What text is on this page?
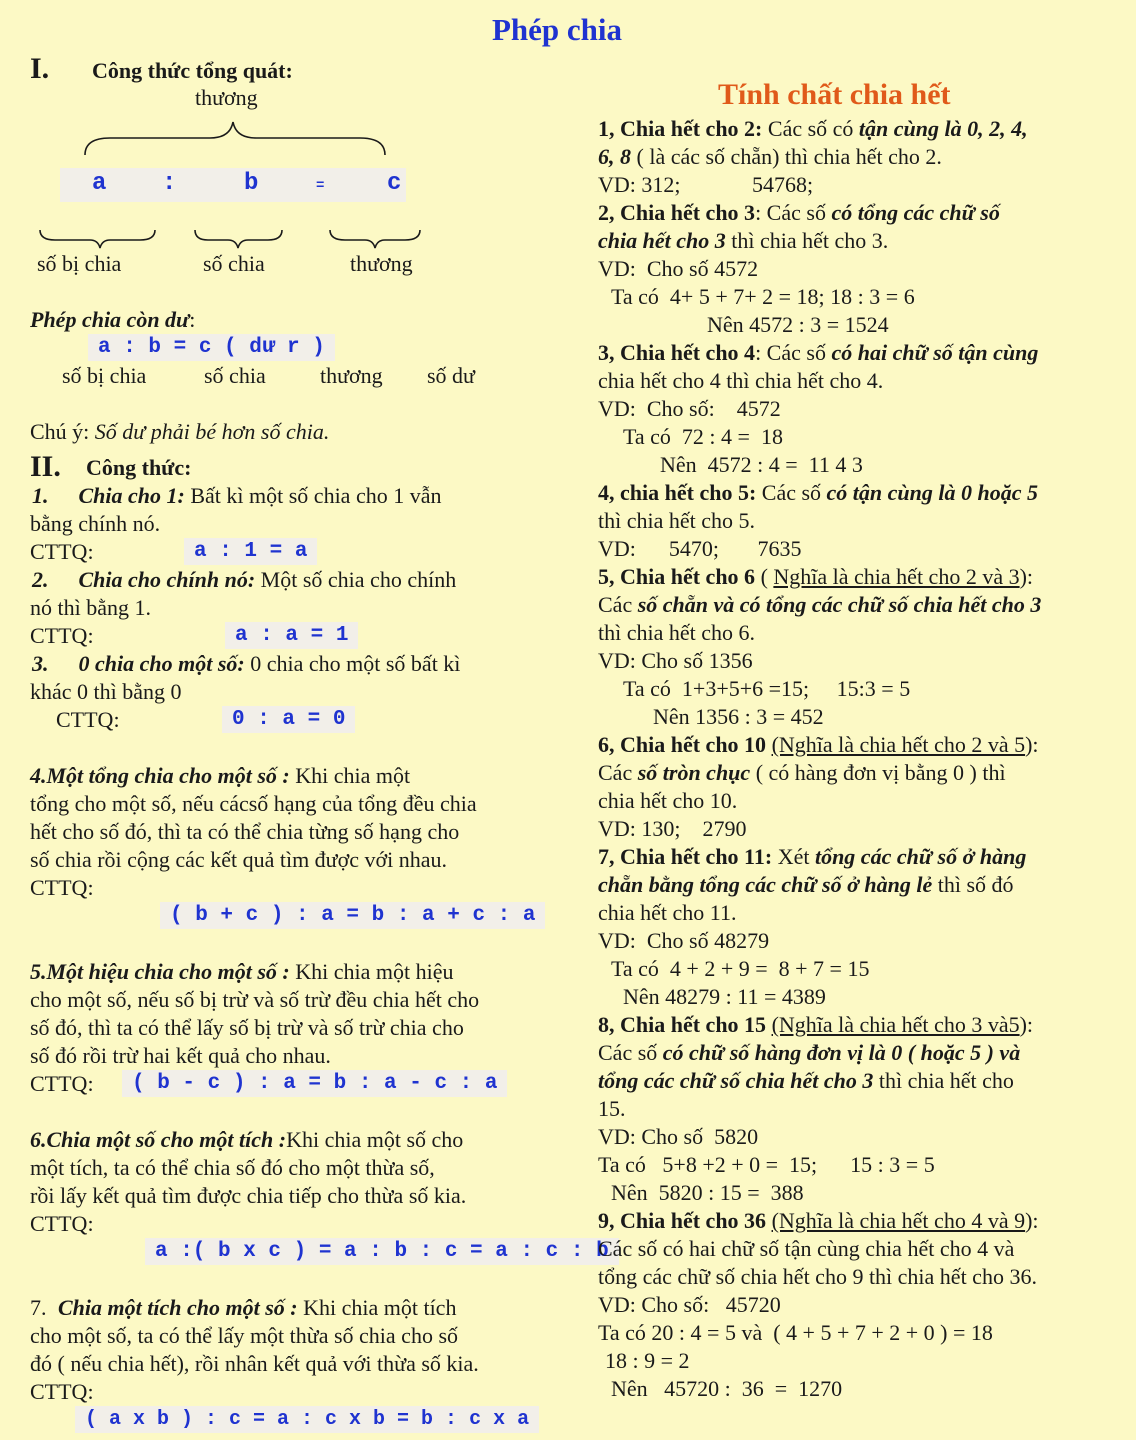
Phép chia
I. Công thức tổng quát:
thương
a :	b	=	c
số bị chia	số chia	thương
Phép chia còn dư:
a : b = c ( dư r )
số bị chia	số chia thương số dư
Chú ý: Số dư phải bé hơn số chia.
II. Công thức:
1. Chia cho 1: Bất kì một số chia cho 1 vẫn
bằng chính nó.
CTTQ:	a : 1 = a
2. Chia cho chính nó: Một số chia cho chính
nó thì bằng 1.
CTTQ:	a : a = 1
3. 0 chia cho một số: 0 chia cho một số bất kì
khác 0 thì bằng 0
CTTQ:	0 : a = 0
4.Một tổng chia cho một số : Khi chia một
tổng cho một số, nếu cácsố hạng của tổng đều chia
hết cho số đó, thì ta có thể chia từng số hạng cho
số chia rồi cộng các kết quả tìm được với nhau.
CTTQ:
( b + c ) : a = b : a + c : a
5.Một hiệu chia cho một số : Khi chia một hiệu
cho một số, nếu số bị trừ và số trừ đều chia hết cho
số đó, thì ta có thể lấy số bị trừ và số trừ chia cho
số đó rồi trừ hai kết quả cho nhau.
CTTQ:	( b - c ) : a = b : a - c : a
6.Chia một số cho một tích :Khi chia một số cho
một tích, ta có thể chia số đó cho một thừa số,
rồi lấy kết quả tìm được chia tiếp cho thừa số kia.
CTTQ:
a :( b x c ) = a : b : c = a : c : b
7. Chia một tích cho một số : Khi chia một tích
cho một số, ta có thể lấy một thừa số chia cho số
đó ( nếu chia hết), rồi nhân kết quả với thừa số kia.
CTTQ:
( a x b ) : c = a : c x b = b : c x a
Tính chất chia hết
1, Chia hết cho 2: Các số có tận cùng là 0, 2, 4,
6, 8 ( là các số chẵn) thì chia hết cho 2.
VD: 312;             54768;
2, Chia hết cho 3: Các số có tổng các chữ số
chia hết cho 3 thì chia hết cho 3.
VD:  Cho số 4572
Ta có  4+ 5 + 7+ 2 = 18; 18 : 3 = 6
Nên 4572 : 3 = 1524
3, Chia hết cho 4: Các số có hai chữ số tận cùng
chia hết cho 4 thì chia hết cho 4.
VD:  Cho số:    4572
Ta có  72 : 4 =  18
Nên  4572 : 4 =  11 4 3
4, chia hết cho 5: Các số có tận cùng là 0 hoặc 5
thì chia hết cho 5.
VD:      5470;       7635
5, Chia hết cho 6 ( Nghĩa là chia hết cho 2 và 3):
Các số chẵn và có tổng các chữ số chia hết cho 3
thì chia hết cho 6.
VD: Cho số 1356
Ta có  1+3+5+6 =15;     15:3 = 5
Nên 1356 : 3 = 452
6, Chia hết cho 10 (Nghĩa là chia hết cho 2 và 5):
Các số tròn chục ( có hàng đơn vị bằng 0 ) thì
chia hết cho 10.
VD: 130;    2790
7, Chia hết cho 11: Xét tổng các chữ số ở hàng
chẵn bằng tổng các chữ số ở hàng lẻ thì số đó
chia hết cho 11.
VD:  Cho số 48279
Ta có  4 + 2 + 9 =  8 + 7 = 15
Nên 48279 : 11 = 4389
8, Chia hết cho 15 (Nghĩa là chia hết cho 3 và5):
Các số có chữ số hàng đơn vị là 0 ( hoặc 5 ) và
tổng các chữ số chia hết cho 3 thì chia hết cho
15.
VD: Cho số  5820
Ta có   5+8 +2 + 0 =  15;      15 : 3 = 5
Nên  5820 : 15 =  388
9, Chia hết cho 36 (Nghĩa là chia hết cho 4 và 9):
Các số có hai chữ số tận cùng chia hết cho 4 và
tổng các chữ số chia hết cho 9 thì chia hết cho 36.
VD: Cho số:   45720
Ta có 20 : 4 = 5 và  ( 4 + 5 + 7 + 2 + 0 ) = 18
18 : 9 = 2
Nên   45720 :  36  =  1270
